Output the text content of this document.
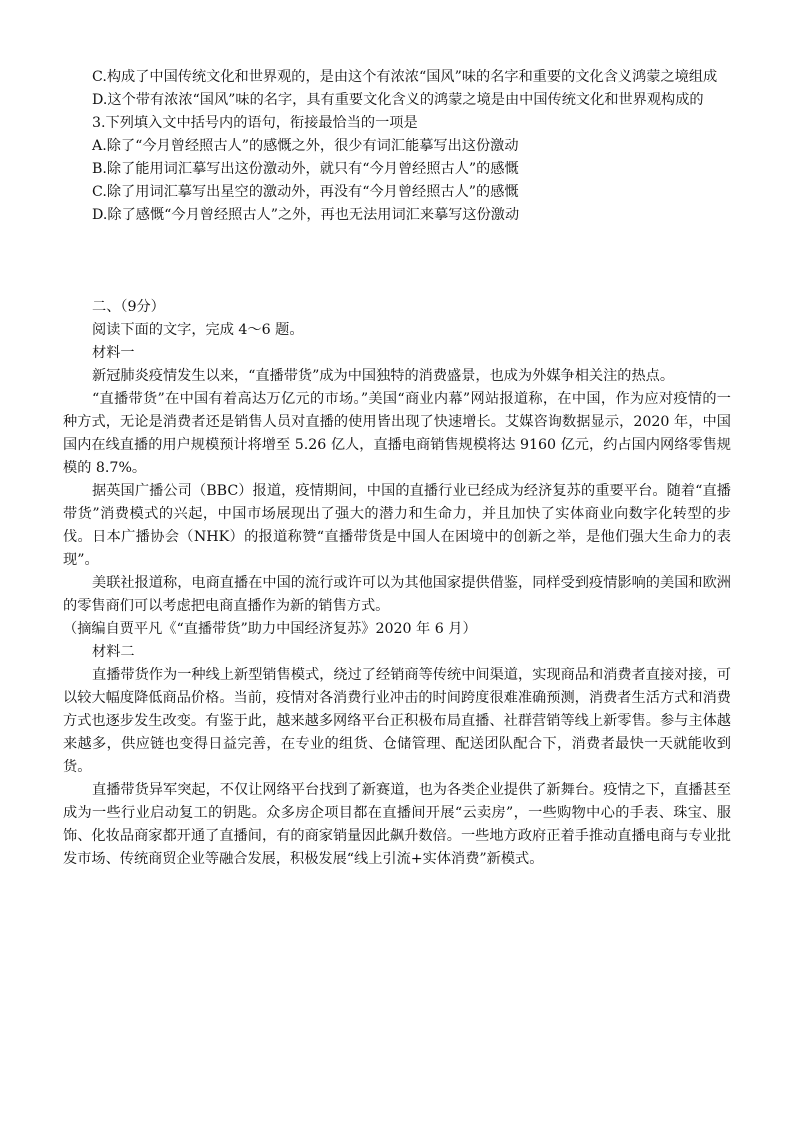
C.构成了中国传统文化和世界观的，是由这个有浓浓“国风”味的名字和重要的文化含义鸿蒙之境组成

D.这个带有浓浓“国风”味的名字，具有重要文化含义的鸿蒙之境是由中国传统文化和世界观构成的

3.下列填入文中括号内的语句，衔接最恰当的一项是

A.除了“今月曾经照古人”的感慨之外，很少有词汇能摹写出这份激动

B.除了能用词汇摹写出这份激动外，就只有“今月曾经照古人”的感慨

C.除了用词汇摹写出星空的激动外，再没有“今月曾经照古人”的感慨

D.除了感慨“今月曾经照古人”之外，再也无法用词汇来摹写这份激动

二、（9分）

阅读下面的文字，完成 4～6 题。

材料一

新冠肺炎疫情发生以来，“直播带货”成为中国独特的消费盛景，也成为外媒争相关注的热点。

“直播带货”在中国有着高达万亿元的市场。”美国“商业内幕”网站报道称，在中国，作为应对疫情的一种方式，无论是消费者还是销售人员对直播的使用皆出现了快速增长。艾媒咨询数据显示，2020 年，中国国内在线直播的用户规模预计将增至 5.26 亿人，直播电商销售规模将达 9160 亿元，约占国内网络零售规模的 8.7%。

据英国广播公司（BBC）报道，疫情期间，中国的直播行业已经成为经济复苏的重要平台。随着“直播带货”消费模式的兴起，中国市场展现出了强大的潜力和生命力，并且加快了实体商业向数字化转型的步伐。日本广播协会（NHK）的报道称赞“直播带货是中国人在困境中的创新之举，是他们强大生命力的表现”。

美联社报道称，电商直播在中国的流行或许可以为其他国家提供借鉴，同样受到疫情影响的美国和欧洲的零售商们可以考虑把电商直播作为新的销售方式。

（摘编自贾平凡《“直播带货”助力中国经济复苏》2020 年 6 月）

材料二

直播带货作为一种线上新型销售模式，绕过了经销商等传统中间渠道，实现商品和消费者直接对接，可以较大幅度降低商品价格。当前，疫情对各消费行业冲击的时间跨度很难准确预测，消费者生活方式和消费方式也逐步发生改变。有鉴于此，越来越多网络平台正积极布局直播、社群营销等线上新零售。参与主体越来越多，供应链也变得日益完善，在专业的组货、仓储管理、配送团队配合下，消费者最快一天就能收到货。

直播带货异军突起，不仅让网络平台找到了新赛道，也为各类企业提供了新舞台。疫情之下，直播甚至成为一些行业启动复工的钥匙。众多房企项目都在直播间开展“云卖房”，一些购物中心的手表、珠宝、服饰、化妆品商家都开通了直播间，有的商家销量因此飙升数倍。一些地方政府正着手推动直播电商与专业批发市场、传统商贸企业等融合发展，积极发展“线上引流+实体消费”新模式。
